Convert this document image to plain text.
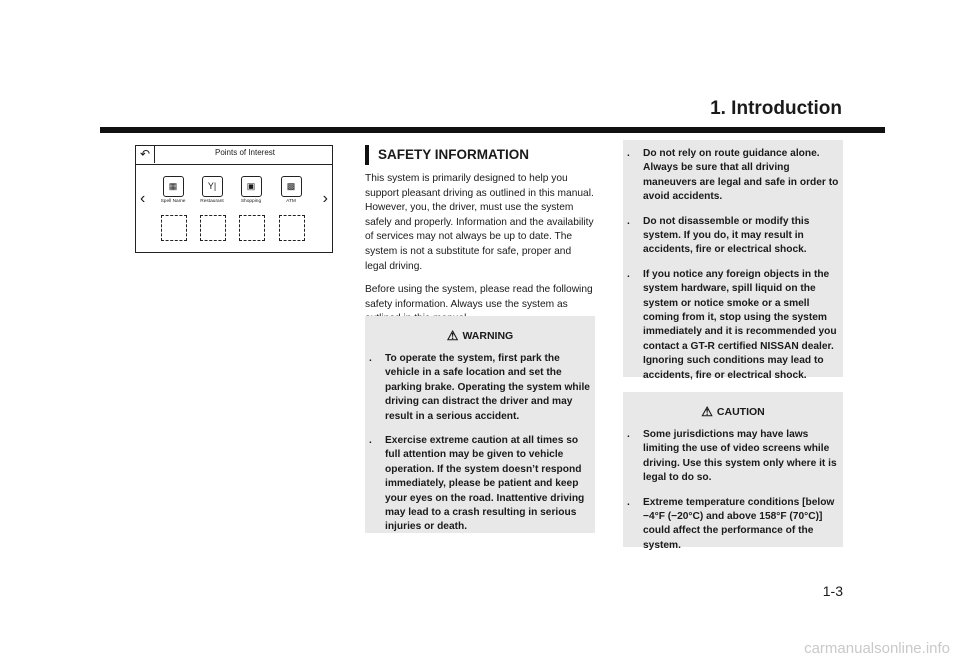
1. Introduction
↶	Points of Interest
‹	›
▦
Spell Name
Y|
Restaurant
▣
Shopping
▩
ATM
SAFETY INFORMATION

This system is primarily designed to help you support pleasant driving as outlined in this manual. However, you, the driver, must use the system safely and properly. Information and the availability of services may not always be up to date. The system is not a substitute for safe, proper and legal driving.

Before using the system, please read the following safety information. Always use the system as

⚠ WARNING
. To operate the system, first park the vehicle in a safe location and set the parking brake. Operating the system while driving can distract the driver and may result in a serious accident.
. Exercise extreme caution at all times so full attention may be given to vehicle operation. If the system doesn’t respond immediately, please be patient and keep your eyes on the road. Inattentive driving may lead to a crash resulting in serious injuries or death.
. Do not rely on route guidance alone. Always be sure that all driving maneuvers are legal and safe in order to avoid accidents.
. Do not disassemble or modify this system. If you do, it may result in accidents, fire or electrical shock.
. If you notice any foreign objects in the system hardware, spill liquid on the system or notice smoke or a smell coming from it, stop using the system immediately and it is recommended you contact a GT-R certified NISSAN dealer. Ignoring such conditions may lead to accidents, fire or electrical shock.
⚠ CAUTION
. Some jurisdictions may have laws limiting the use of video screens while driving. Use this system only where it is legal to do so.
. Extreme temperature conditions [below −4°F (−20°C) and above 158°F (70°C)] could affect the performance of the system.
1-3
carmanualsonline.info
